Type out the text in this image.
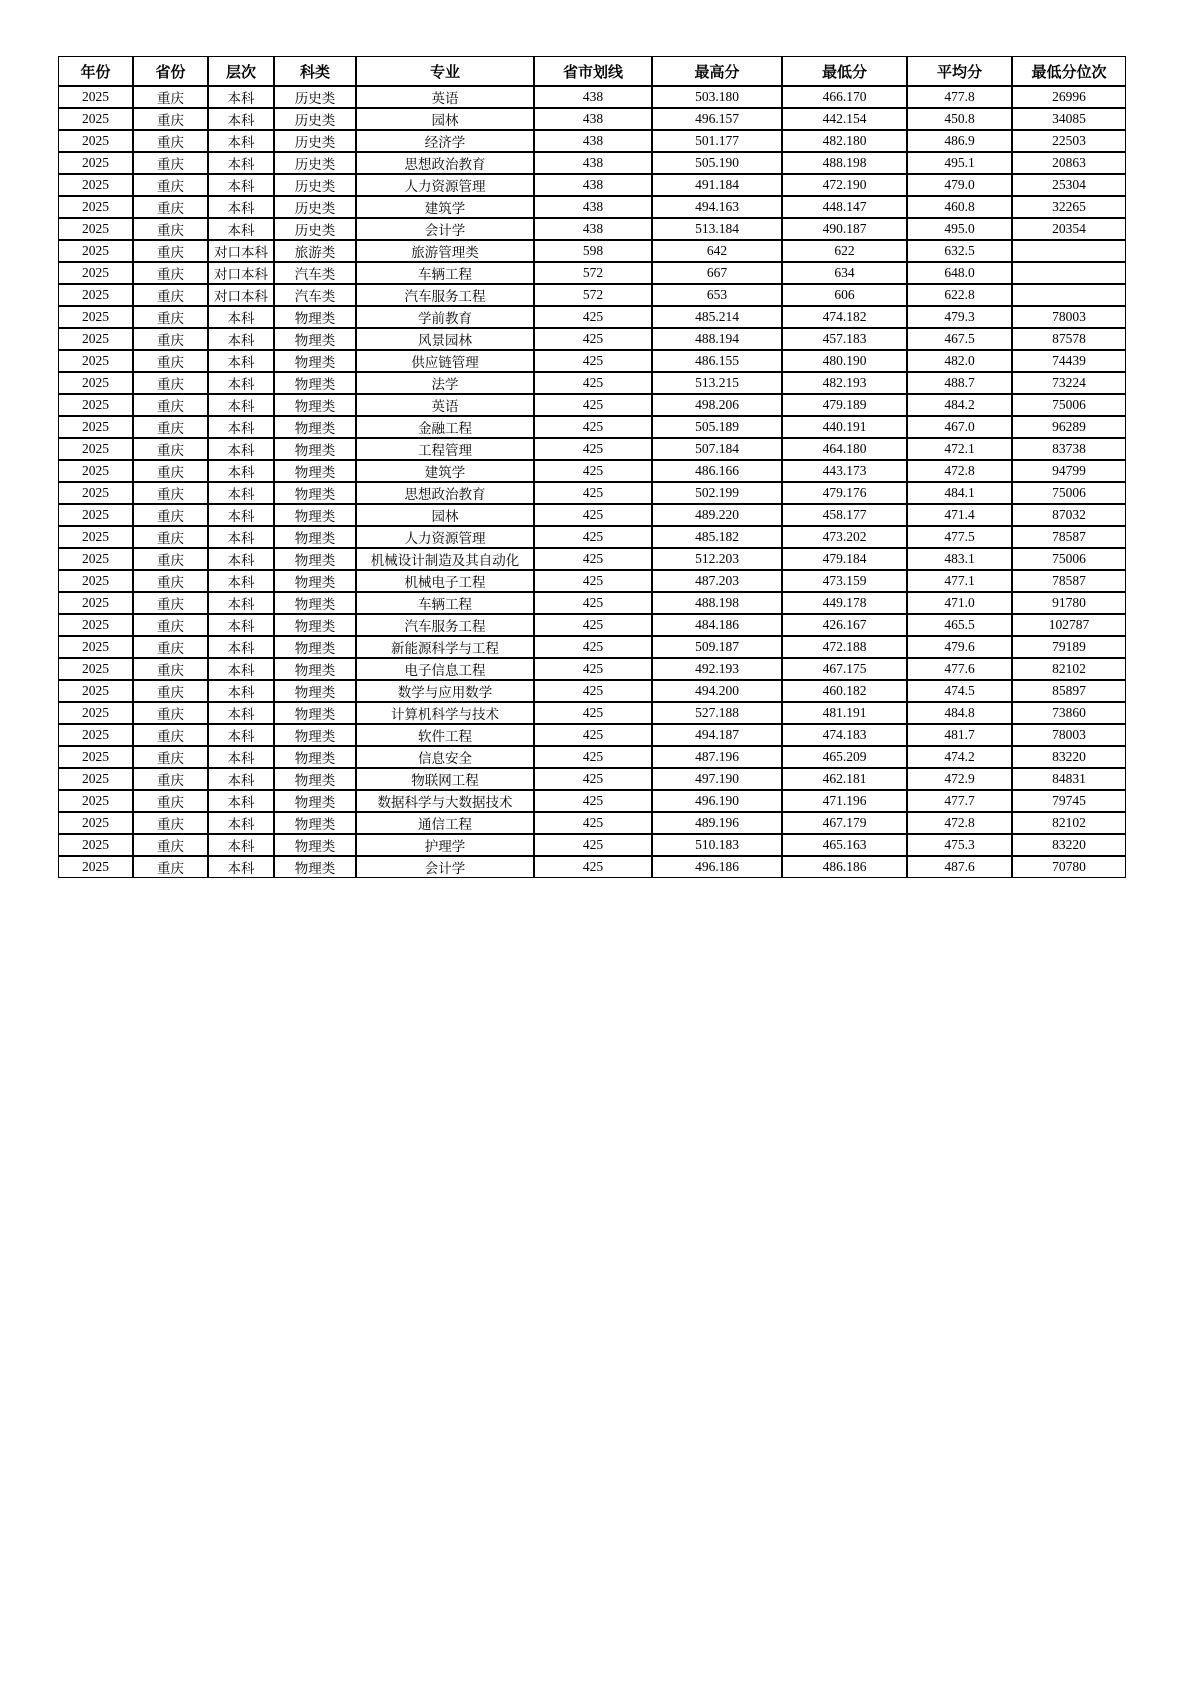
年份	省份	层次	科类	专业	省市划线	最高分	最低分	平均分	最低分位次
2025	重庆	本科	历史类	英语	438	503.180	466.170	477.8	26996
2025	重庆	本科	历史类	园林	438	496.157	442.154	450.8	34085
2025	重庆	本科	历史类	经济学	438	501.177	482.180	486.9	22503
2025	重庆	本科	历史类	思想政治教育	438	505.190	488.198	495.1	20863
2025	重庆	本科	历史类	人力资源管理	438	491.184	472.190	479.0	25304
2025	重庆	本科	历史类	建筑学	438	494.163	448.147	460.8	32265
2025	重庆	本科	历史类	会计学	438	513.184	490.187	495.0	20354
2025	重庆	对口本科	旅游类	旅游管理类	598	642	622	632.5	
2025	重庆	对口本科	汽车类	车辆工程	572	667	634	648.0	
2025	重庆	对口本科	汽车类	汽车服务工程	572	653	606	622.8	
2025	重庆	本科	物理类	学前教育	425	485.214	474.182	479.3	78003
2025	重庆	本科	物理类	风景园林	425	488.194	457.183	467.5	87578
2025	重庆	本科	物理类	供应链管理	425	486.155	480.190	482.0	74439
2025	重庆	本科	物理类	法学	425	513.215	482.193	488.7	73224
2025	重庆	本科	物理类	英语	425	498.206	479.189	484.2	75006
2025	重庆	本科	物理类	金融工程	425	505.189	440.191	467.0	96289
2025	重庆	本科	物理类	工程管理	425	507.184	464.180	472.1	83738
2025	重庆	本科	物理类	建筑学	425	486.166	443.173	472.8	94799
2025	重庆	本科	物理类	思想政治教育	425	502.199	479.176	484.1	75006
2025	重庆	本科	物理类	园林	425	489.220	458.177	471.4	87032
2025	重庆	本科	物理类	人力资源管理	425	485.182	473.202	477.5	78587
2025	重庆	本科	物理类	机械设计制造及其自动化	425	512.203	479.184	483.1	75006
2025	重庆	本科	物理类	机械电子工程	425	487.203	473.159	477.1	78587
2025	重庆	本科	物理类	车辆工程	425	488.198	449.178	471.0	91780
2025	重庆	本科	物理类	汽车服务工程	425	484.186	426.167	465.5	102787
2025	重庆	本科	物理类	新能源科学与工程	425	509.187	472.188	479.6	79189
2025	重庆	本科	物理类	电子信息工程	425	492.193	467.175	477.6	82102
2025	重庆	本科	物理类	数学与应用数学	425	494.200	460.182	474.5	85897
2025	重庆	本科	物理类	计算机科学与技术	425	527.188	481.191	484.8	73860
2025	重庆	本科	物理类	软件工程	425	494.187	474.183	481.7	78003
2025	重庆	本科	物理类	信息安全	425	487.196	465.209	474.2	83220
2025	重庆	本科	物理类	物联网工程	425	497.190	462.181	472.9	84831
2025	重庆	本科	物理类	数据科学与大数据技术	425	496.190	471.196	477.7	79745
2025	重庆	本科	物理类	通信工程	425	489.196	467.179	472.8	82102
2025	重庆	本科	物理类	护理学	425	510.183	465.163	475.3	83220
2025	重庆	本科	物理类	会计学	425	496.186	486.186	487.6	70780
